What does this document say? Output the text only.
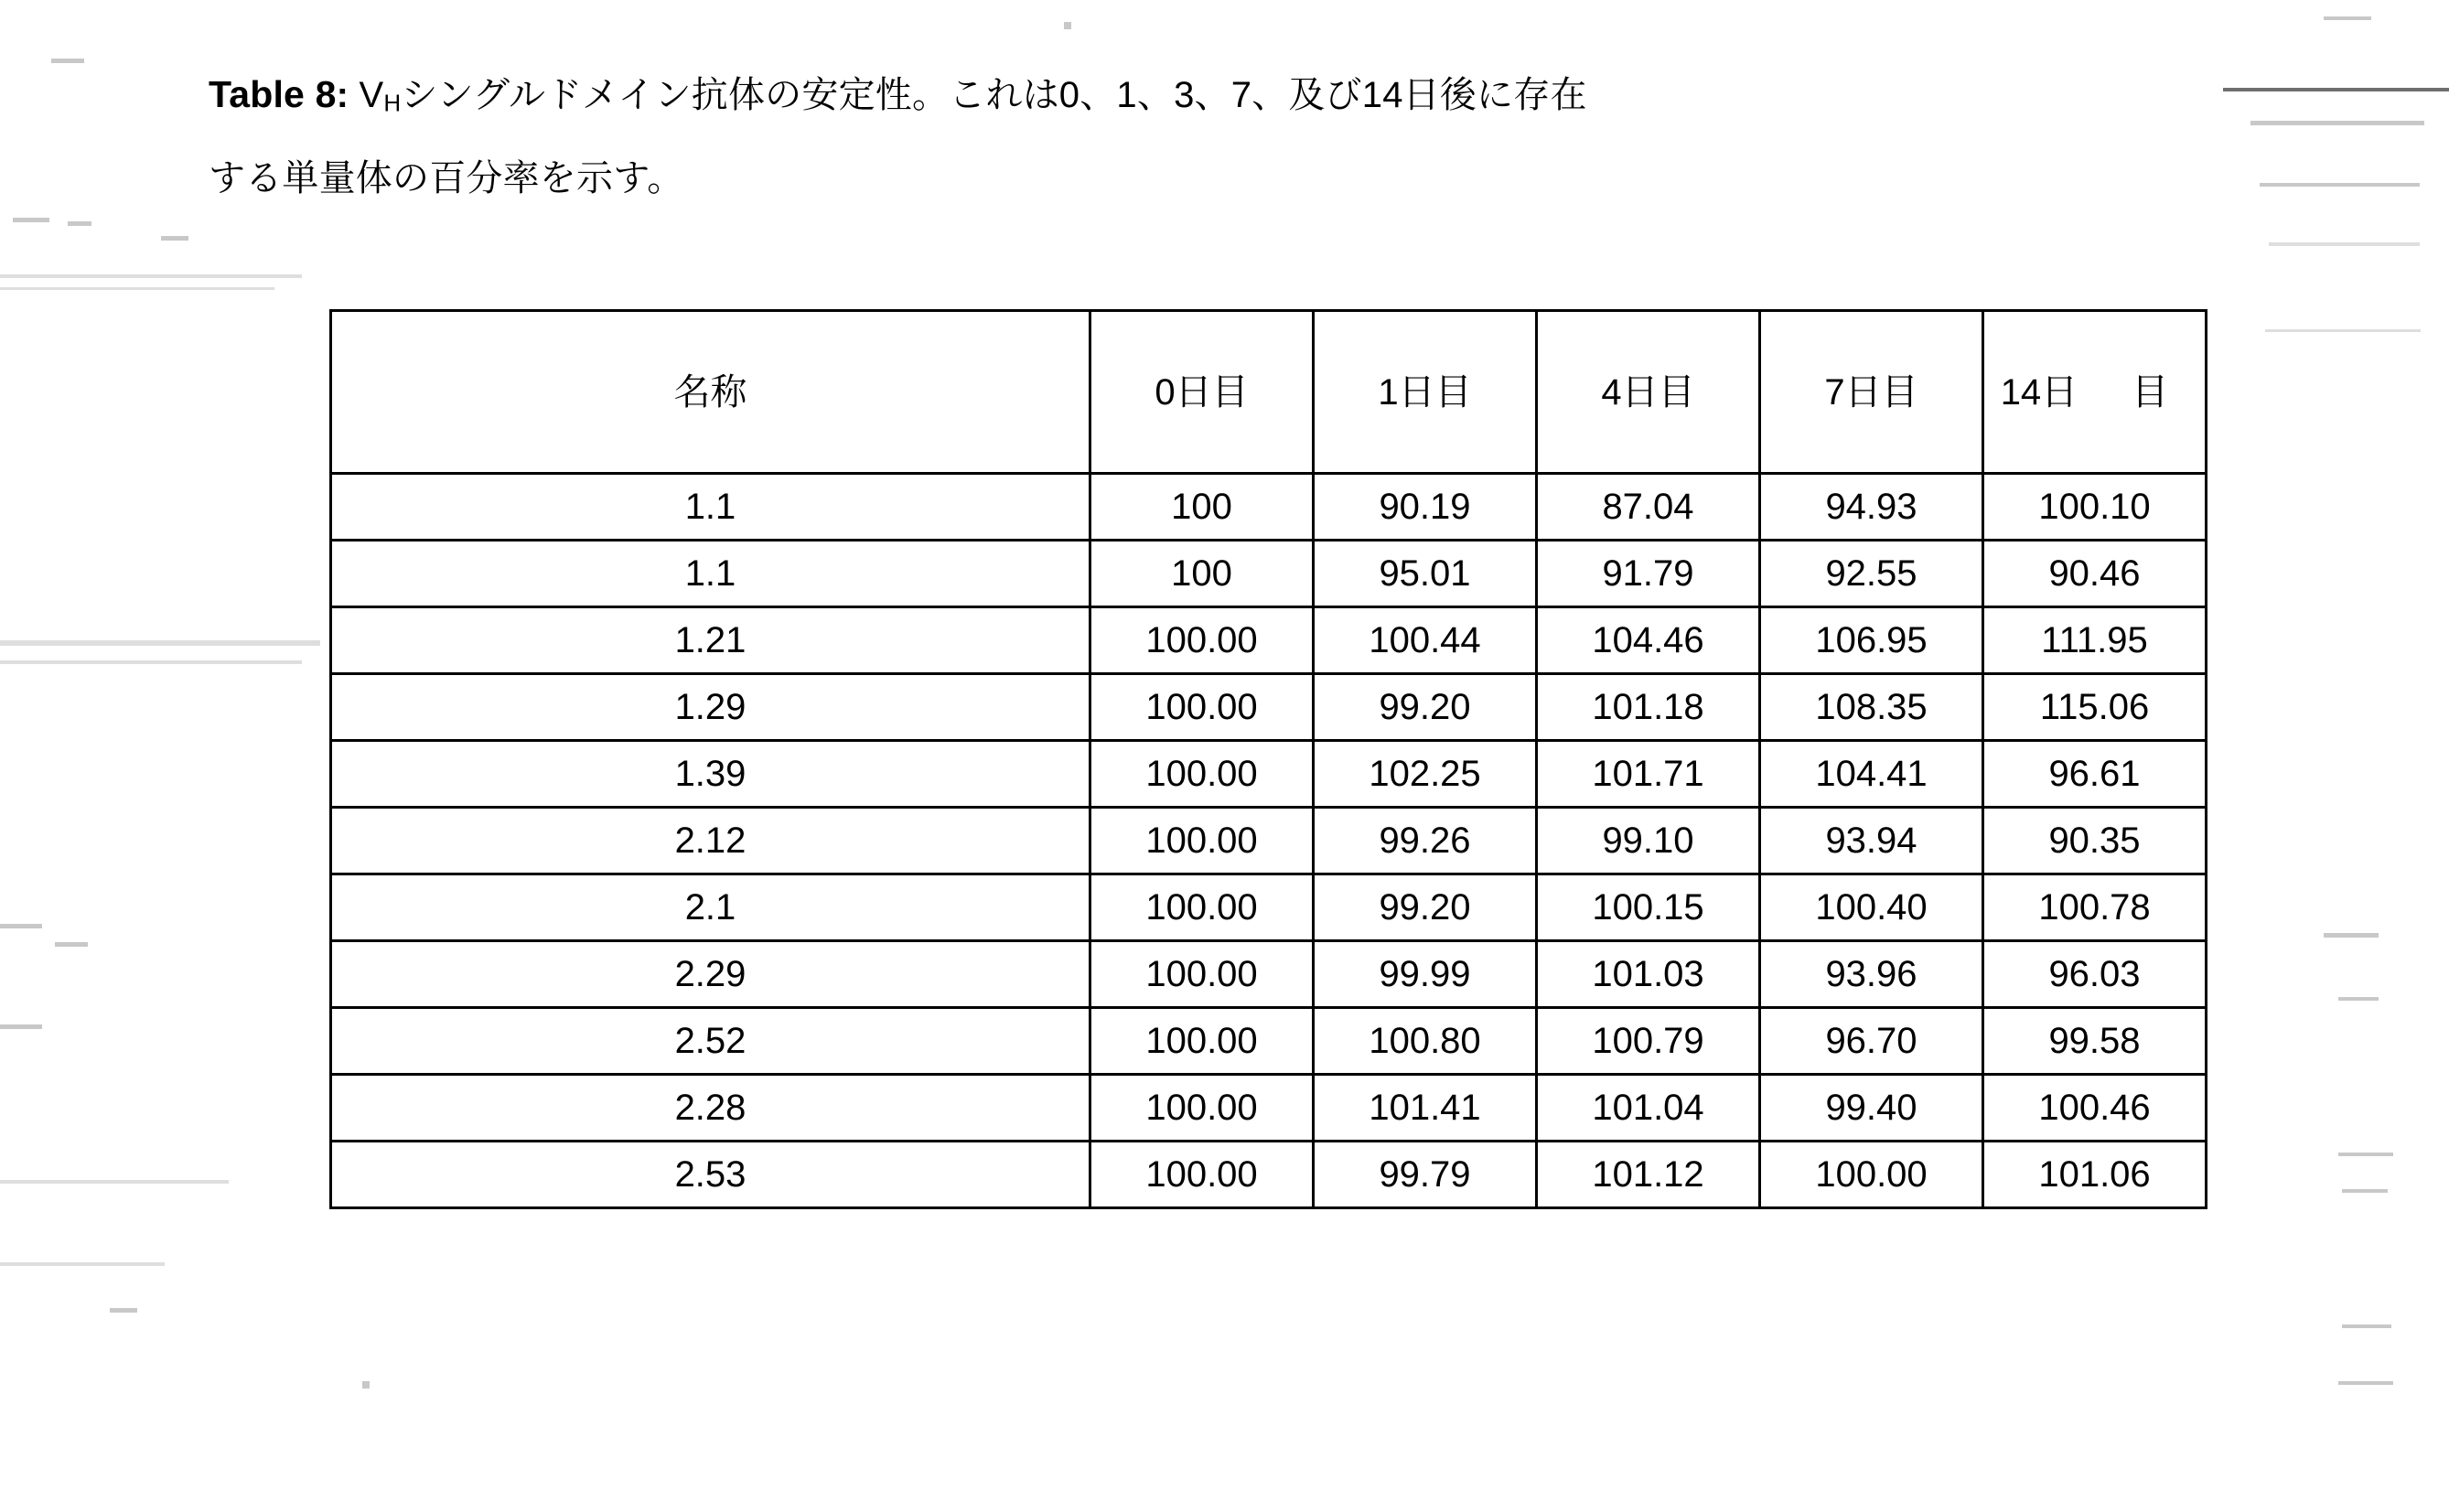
Table 8: $V_H$シングルドメイン抗体の安定性。これは0、1、3、7、及び14日後に存在
する単量体の百分率を示す。
名称	0日目	1日目	4日目	7日目	14日 目
1.1	100	90.19	87.04	94.93	100.10
1.1	100	95.01	91.79	92.55	90.46
1.21	100.00	100.44	104.46	106.95	111.95
1.29	100.00	99.20	101.18	108.35	115.06
1.39	100.00	102.25	101.71	104.41	96.61
2.12	100.00	99.26	99.10	93.94	90.35
2.1	100.00	99.20	100.15	100.40	100.78
2.29	100.00	99.99	101.03	93.96	96.03
2.52	100.00	100.80	100.79	96.70	99.58
2.28	100.00	101.41	101.04	99.40	100.46
2.53	100.00	99.79	101.12	100.00	101.06
